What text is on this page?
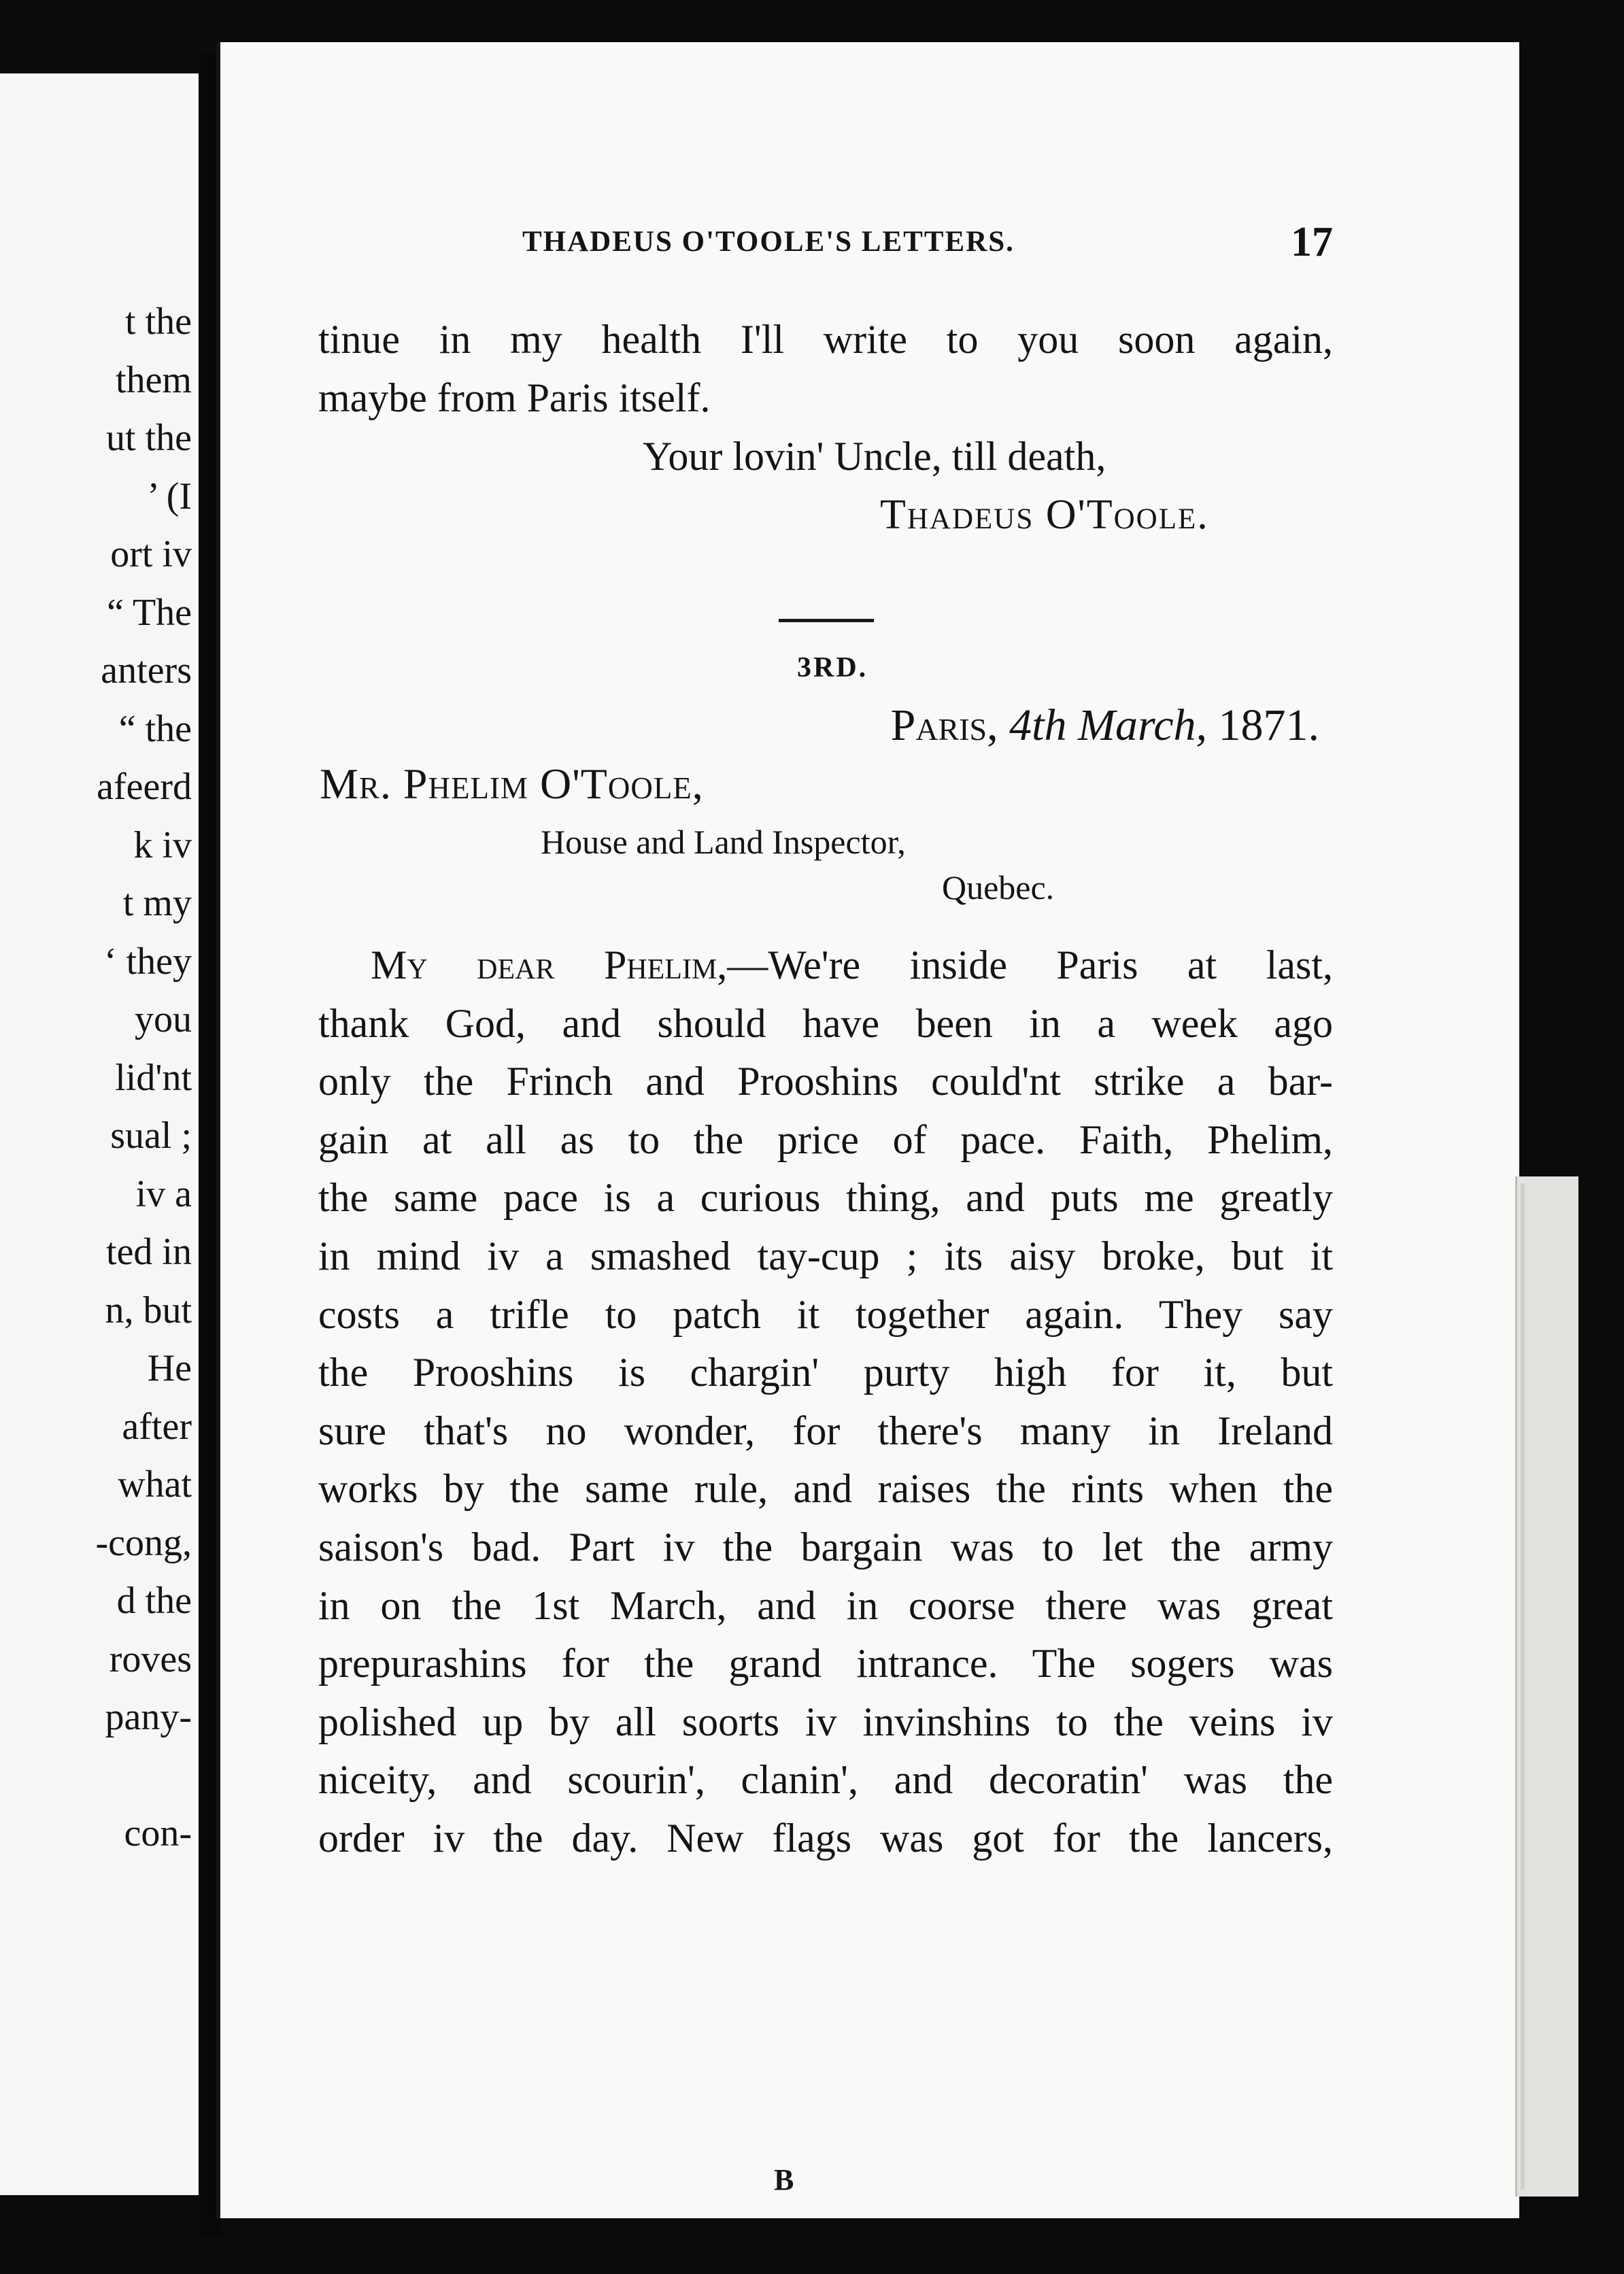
t the
them
ut the
’ (I
ort iv
“ The
anters
“ the
afeerd
k iv
t my
‘ they
you
lid'nt
sual ;
iv a
ted in
n, but
He
after
what
-cong,
d the
roves
pany-
con-
THADEUS O'TOOLE'S LETTERS.	17
tinue in my health I'll write to you soon again,
maybe from Paris itself.
Your lovin' Uncle, till death,
Thadeus O'Toole.
3RD.
Paris, 4th March, 1871.
Mr. Phelim O'Toole,
House and Land Inspector,
Quebec.
My dear Phelim,—We're inside Paris at last,
thank God, and should have been in a week ago
only the Frinch and Prooshins could'nt strike a bar-
gain at all as to the price of pace. Faith, Phelim,
the same pace is a curious thing, and puts me greatly
in mind iv a smashed tay-cup ; its aisy broke, but it
costs a trifle to patch it together again. They say
the Prooshins is chargin' purty high for it, but
sure that's no wonder, for there's many in Ireland
works by the same rule, and raises the rints when the
saison's bad. Part iv the bargain was to let the army
in on the 1st March, and in coorse there was great
prepurashins for the grand intrance. The sogers was
polished up by all soorts iv invinshins to the veins iv
niceity, and scourin', clanin', and decoratin' was the
order iv the day. New flags was got for the lancers,
B
